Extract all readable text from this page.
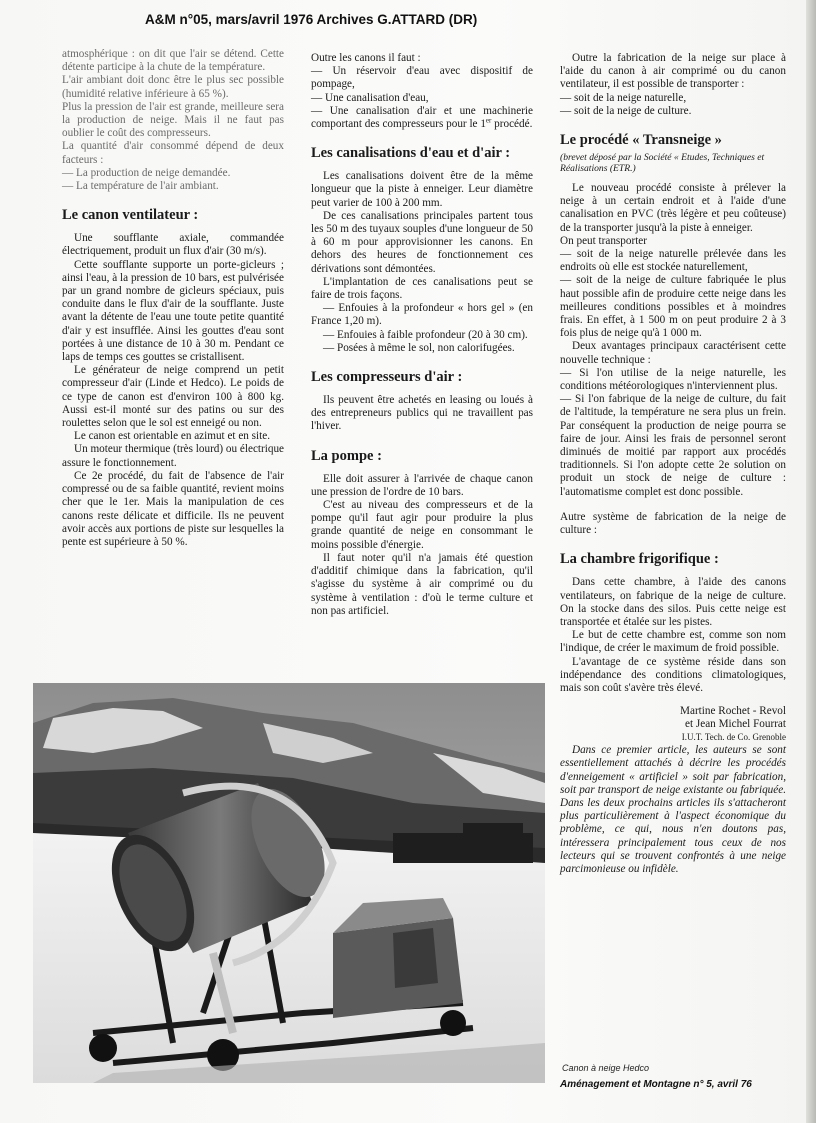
A&M n°05, mars/avril 1976 Archives G.ATTARD (DR)

atmosphérique : on dit que l'air se détend. Cette détente participe à la chute de la température.

L'air ambiant doit donc être le plus sec possible (humidité relative inférieure à 65 %).

Plus la pression de l'air est grande, meilleure sera la production de neige. Mais il ne faut pas oublier le coût des compresseurs.

La quantité d'air consommé dépend de deux facteurs :

— La production de neige demandée.

— La température de l'air ambiant.

Le canon ventilateur :

Une soufflante axiale, commandée électriquement, produit un flux d'air (30 m/s).

Cette soufflante supporte un porte-gicleurs ; ainsi l'eau, à la pression de 10 bars, est pulvérisée par un grand nombre de gicleurs spéciaux, puis conduite dans le flux d'air de la soufflante. Juste avant la détente de l'eau une toute petite quantité d'air y est insufflée. Ainsi les gouttes d'eau sont portées à une distance de 10 à 30 m. Pendant ce laps de temps ces gouttes se cristallisent.

Le générateur de neige comprend un petit compresseur d'air (Linde et Hedco). Le poids de ce type de canon est d'environ 100 à 800 kg. Aussi est-il monté sur des patins ou sur des roulettes selon que le sol est enneigé ou non.

Le canon est orientable en azimut et en site.

Un moteur thermique (très lourd) ou électrique assure le fonctionnement.

Ce 2e procédé, du fait de l'absence de l'air compressé ou de sa faible quantité, revient moins cher que le 1er. Mais la manipulation de ces canons reste délicate et difficile. Ils ne peuvent avoir accès aux portions de piste sur lesquelles la pente est supérieure à 50 %.

Outre les canons il faut :

— Un réservoir d'eau avec dispositif de pompage,

— Une canalisation d'eau,

— Une canalisation d'air et une machinerie comportant des compresseurs pour le 1er procédé.

Les canalisations d'eau et d'air :

Les canalisations doivent être de la même longueur que la piste à enneiger. Leur diamètre peut varier de 100 à 200 mm.

De ces canalisations principales partent tous les 50 m des tuyaux souples d'une longueur de 50 à 60 m pour approvisionner les canons. En dehors des heures de fonctionnement ces dérivations sont démontées.

L'implantation de ces canalisations peut se faire de trois façons.

— Enfouies à la profondeur « hors gel » (en France 1,20 m).

— Enfouies à faible profondeur (20 à 30 cm).

— Posées à même le sol, non calorifugées.

Les compresseurs d'air :

Ils peuvent être achetés en leasing ou loués à des entrepreneurs publics qui ne travaillent pas l'hiver.

La pompe :

Elle doit assurer à l'arrivée de chaque canon une pression de l'ordre de 10 bars.

C'est au niveau des compresseurs et de la pompe qu'il faut agir pour produire la plus grande quantité de neige en consommant le moins possible d'énergie.

Il faut noter qu'il n'a jamais été question d'additif chimique dans la fabrication, qu'il s'agisse du système à air comprimé ou du système à ventilation : d'où le terme culture et non pas artificiel.

Outre la fabrication de la neige sur place à l'aide du canon à air comprimé ou du canon ventilateur, il est possible de transporter :

— soit de la neige naturelle,

— soit de la neige de culture.

Le procédé « Transneige »

(brevet déposé par la Société « Etudes, Techniques et Réalisations (ETR.)

Le nouveau procédé consiste à prélever la neige à un certain endroit et à l'aide d'une canalisation en PVC (très légère et peu coûteuse) de la transporter jusqu'à la piste à enneiger.

On peut transporter

— soit de la neige naturelle prélevée dans les endroits où elle est stockée naturellement,

— soit de la neige de culture fabriquée le plus haut possible afin de produire cette neige dans les meilleures conditions possibles et à moindres frais. En effet, à 1 500 m on peut produire 2 à 3 fois plus de neige qu'à 1 000 m.

Deux avantages principaux caractérisent cette nouvelle technique :

— Si l'on utilise de la neige naturelle, les conditions météorologiques n'interviennent plus.

— Si l'on fabrique de la neige de culture, du fait de l'altitude, la température ne sera plus un frein. Par conséquent la production de neige pourra se faire de jour. Ainsi les frais de personnel seront diminués de moitié par rapport aux procédés traditionnels. Si l'on adopte cette 2e solution on produit un stock de neige de culture : l'automatisme complet est donc possible.

Autre système de fabrication de la neige de culture :

La chambre frigorifique :

Dans cette chambre, à l'aide des canons ventilateurs, on fabrique de la neige de culture. On la stocke dans des silos. Puis cette neige est transportée et étalée sur les pistes.

Le but de cette chambre est, comme son nom l'indique, de créer le maximum de froid possible.

L'avantage de ce système réside dans son indépendance des conditions climatologiques, mais son coût s'avère très élevé.

Martine Rochet - Revol
et Jean Michel Fourrat
I.U.T. Tech. de Co. Grenoble

Dans ce premier article, les auteurs se sont essentiellement attachés à décrire les procédés d'enneigement « artificiel » soit par fabrication, soit par transport de neige existante ou fabriquée. Dans les deux prochains articles ils s'attacheront plus particulièrement à l'aspect économique du problème, ce qui, nous n'en doutons pas, intéressera principalement tous ceux de nos lecteurs qui se trouvent confrontés à une neige parcimonieuse ou infidèle.

Canon à neige Hedco
Aménagement et Montagne n° 5, avril 76
